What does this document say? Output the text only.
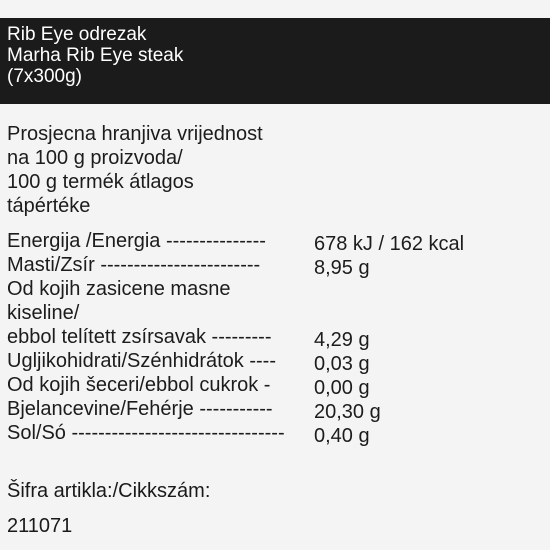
Rib Eye odrezak
Marha Rib Eye steak
(7x300g)
Prosjecna hranjiva vrijednost
na 100 g proizvoda/
100 g termék átlagos
tápértéke
Energija /Energia --------------- 678 kJ / 162 kcal
Masti/Zsír ------------------------	8,95 g
Od kojih zasicene masne
kiseline/
ebbol telített zsírsavak --------- 4,29 g
Ugljikohidrati/Szénhidrátok ---- 0,03 g
Od kojih šeceri/ebbol cukrok - 0,00 g
Bjelancevine/Fehérje ----------- 20,30 g
Sol/Só -------------------------------- 0,40 g
Šifra artikla:/Cikkszám:
211071
